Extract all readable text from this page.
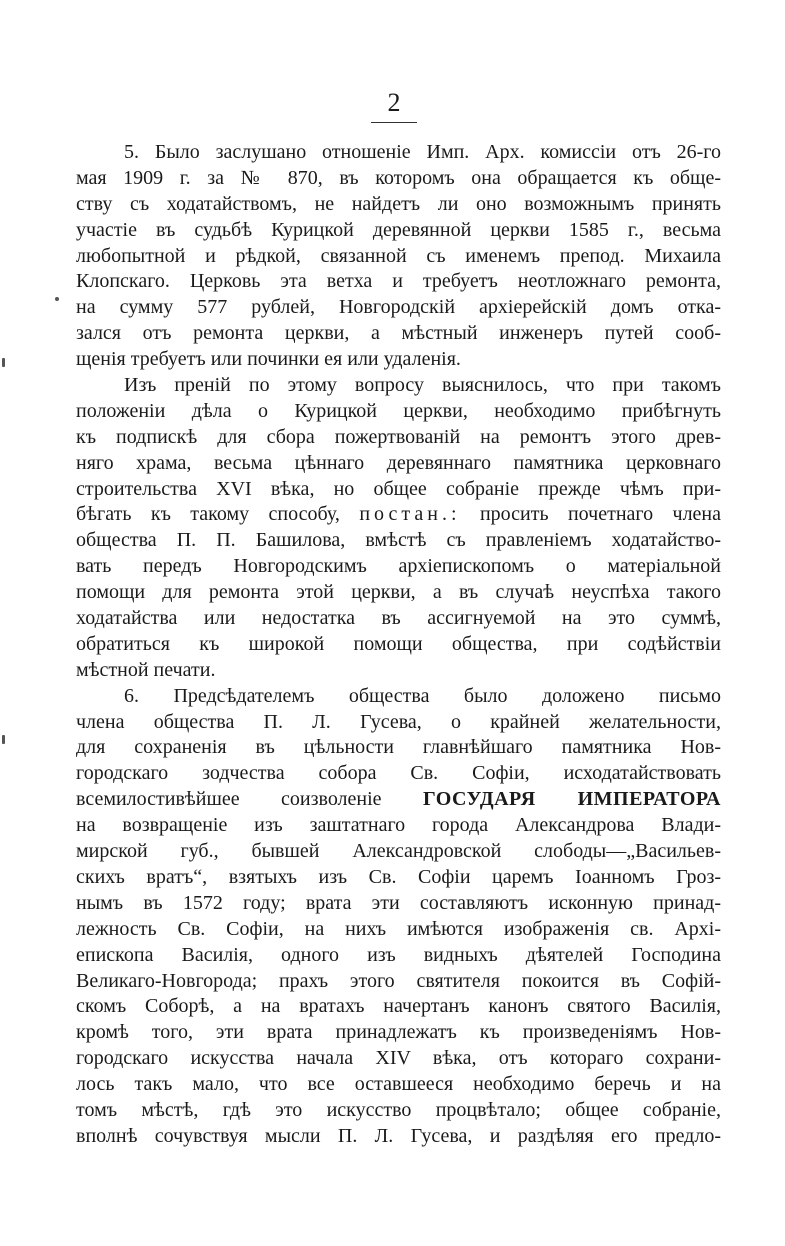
2
5. Было заслушано отношеніе Имп. Арх. комиссіи отъ 26-го
мая 1909 г. за № 870, въ которомъ она обращается къ обще-
ству съ ходатайствомъ, не найдетъ ли оно возможнымъ принять
участіе въ судьбѣ Курицкой деревянной церкви 1585 г., весьма
любопытной и рѣдкой, связанной съ именемъ препод. Михаила
Клопскаго. Церковь эта ветха и требуетъ неотложнаго ремонта,
на сумму 577 рублей, Новгородскій архіерейскій домъ отка-
зался отъ ремонта церкви, а мѣстный инженеръ путей сооб-
щенія требуетъ или починки ея или удаленія.
Изъ преній по этому вопросу выяснилось, что при такомъ
положеніи дѣла о Курицкой церкви, необходимо прибѣгнуть
къ подпискѣ для сбора пожертвованій на ремонтъ этого древ-
няго храма, весьма цѣннаго деревяннаго памятника церковнаго
строительства XVI вѣка, но общее собраніе прежде чѣмъ при-
бѣгать къ такому способу, постан.: просить почетнаго члена
общества П. П. Башилова, вмѣстѣ съ правленіемъ ходатайство-
вать передъ Новгородскимъ архіепископомъ о матеріальной
помощи для ремонта этой церкви, а въ случаѣ неуспѣха такого
ходатайства или недостатка въ ассигнуемой на это суммѣ,
обратиться къ широкой помощи общества, при содѣйствіи
мѣстной печати.
6. Предсѣдателемъ общества было доложено письмо
члена общества П. Л. Гусева, о крайней желательности,
для сохраненія въ цѣльности главнѣйшаго памятника Нов-
городскаго зодчества собора Св. Софіи, исходатайствовать
всемилостивѣйшее соизволеніе ГОСУДАРЯ ИМПЕРАТОРА
на возвращеніе изъ заштатнаго города Александрова Влади-
мирской губ., бывшей Александровской слободы—„Васильев-
скихъ вратъ“, взятыхъ изъ Св. Софіи царемъ Іоанномъ Гроз-
нымъ въ 1572 году; врата эти составляютъ исконную принад-
лежность Св. Софіи, на нихъ имѣются изображенія св. Архі-
епископа Василія, одного изъ видныхъ дѣятелей Господина
Великаго-Новгорода; прахъ этого святителя покоится въ Софій-
скомъ Соборѣ, а на вратахъ начертанъ канонъ святого Василія,
кромѣ того, эти врата принадлежатъ къ произведеніямъ Нов-
городскаго искусства начала XIV вѣка, отъ котораго сохрани-
лось такъ мало, что все оставшееся необходимо беречь и на
томъ мѣстѣ, гдѣ это искусство процвѣтало; общее собраніе,
вполнѣ сочувствуя мысли П. Л. Гусева, и раздѣляя его предло-
